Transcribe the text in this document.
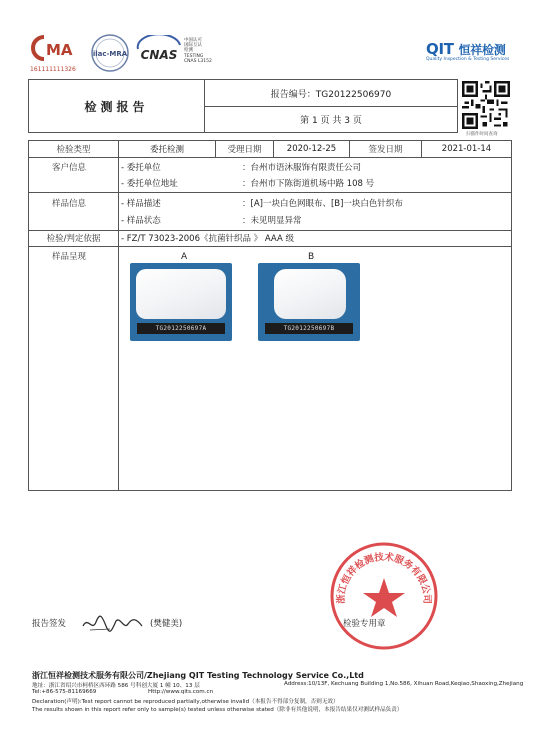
MA
161111111326
ilac-MRA CNAS
中国认可
国际互认
检测
TESTING
CNAS L3152
QIT 恒祥检测
Quality Inspection & Testing Services
检测报告
报告编号：TG20122506970
第 1 页 共 3 页
扫描件时间查询
检验类型	委托检测	受理日期	2020-12-25	签发日期	2021-01-14
客户信息	- 委托单位	：台州市语沐服饰有限责任公司
- 委托单位地址	：台州市下陈街道机场中路 108 号
样品信息	- 样品描述	：[A]一块白色网眼布、[B]一块白色针织布
- 样品状态	：未见明显异常
检验/判定依据	- FZ/T 73023-2006《抗菌针织品 》 AAA 级
样品呈现	A
TG2012250697A
B
TG2012250697B
浙江恒祥检测技术服务有限公司
报告签发	(樊健美)	检验专用章
浙江恒祥检测技术服务有限公司/Zhejiang QIT Testing Technology Service Co.,Ltd
地址：浙江省绍兴市柯桥区西环路 586 号科创大厦 1 幢 10、13 层	Address:10/13F, Kechuang Building 1,No.586, Xihuan Road,Keqiao,Shaoxing,Zhejiang
Tel:+86-575-81169669	Http://www.qits.com.cn
Declaration(声明):Test report cannot be reproduced partially,otherwise invalid（本报告不得部分复制，否则无效）
The results shown in this report refer only to sample(s) tested unless otherwise stated（除非有其他说明，本报告结果仅对测试样品负责）
